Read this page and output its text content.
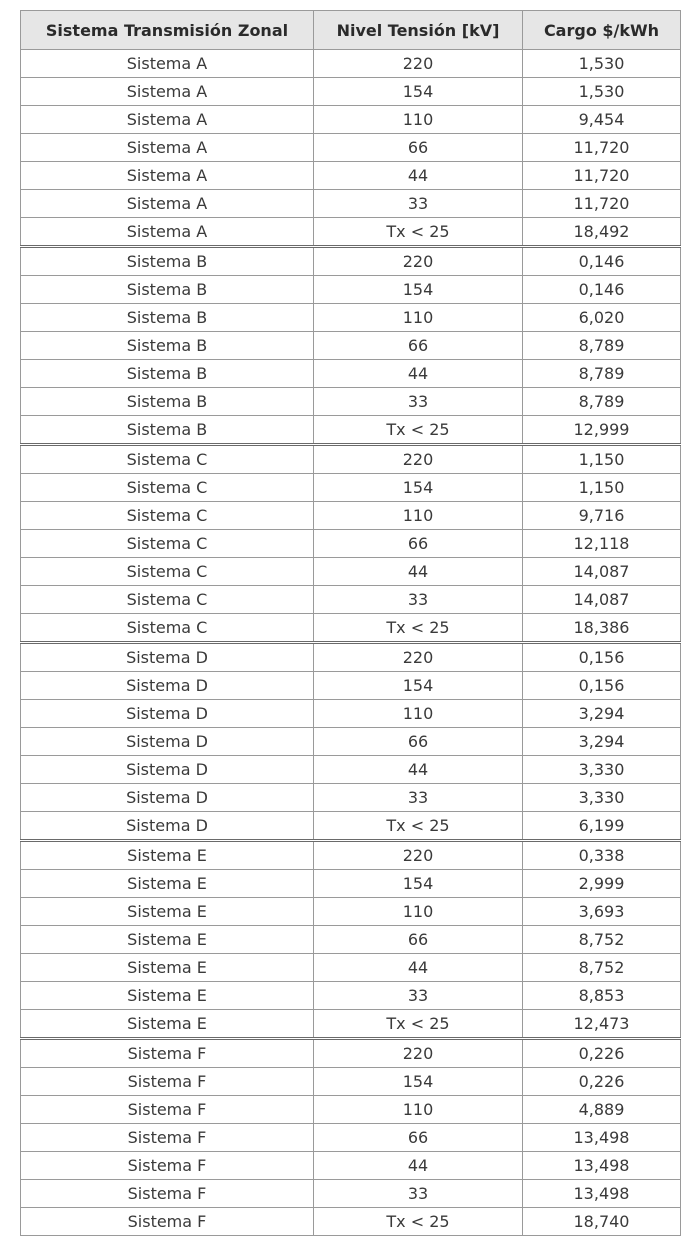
Sistema Transmisión Zonal	Nivel Tensión [kV]	Cargo $/kWh
Sistema A	220	1,530
Sistema A	154	1,530
Sistema A	110	9,454
Sistema A	66	11,720
Sistema A	44	11,720
Sistema A	33	11,720
Sistema A	Tx < 25	18,492
Sistema B	220	0,146
Sistema B	154	0,146
Sistema B	110	6,020
Sistema B	66	8,789
Sistema B	44	8,789
Sistema B	33	8,789
Sistema B	Tx < 25	12,999
Sistema C	220	1,150
Sistema C	154	1,150
Sistema C	110	9,716
Sistema C	66	12,118
Sistema C	44	14,087
Sistema C	33	14,087
Sistema C	Tx < 25	18,386
Sistema D	220	0,156
Sistema D	154	0,156
Sistema D	110	3,294
Sistema D	66	3,294
Sistema D	44	3,330
Sistema D	33	3,330
Sistema D	Tx < 25	6,199
Sistema E	220	0,338
Sistema E	154	2,999
Sistema E	110	3,693
Sistema E	66	8,752
Sistema E	44	8,752
Sistema E	33	8,853
Sistema E	Tx < 25	12,473
Sistema F	220	0,226
Sistema F	154	0,226
Sistema F	110	4,889
Sistema F	66	13,498
Sistema F	44	13,498
Sistema F	33	13,498
Sistema F	Tx < 25	18,740
